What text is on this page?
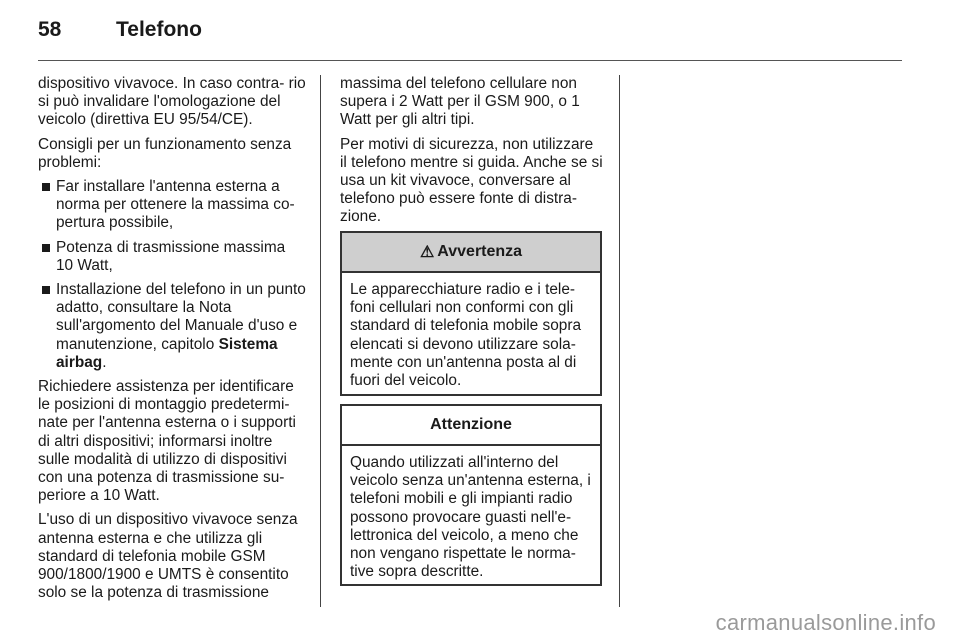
58	Telefono

dispositivo vivavoce. In caso contra- rio si può invalidare l'omologazione del veicolo (direttiva EU 95/54/CE).

Consigli per un funzionamento senza problemi:

Far installare l'antenna esterna a norma per ottenere la massima co- pertura possibile,
Potenza di trasmissione massima 10 Watt,
Installazione del telefono in un punto adatto, consultare la Nota sull'argomento del Manuale d'uso e manutenzione, capitolo Sistema airbag.

Richiedere assistenza per identificare le posizioni di montaggio predetermi- nate per l'antenna esterna o i supporti di altri dispositivi; informarsi inoltre sulle modalità di utilizzo di dispositivi con una potenza di trasmissione su- periore a 10 Watt.

L'uso di un dispositivo vivavoce senza antenna esterna e che utilizza gli standard di telefonia mobile GSM 900/1800/1900 e UMTS è consentito solo se la potenza di trasmissione

massima del telefono cellulare non supera i 2 Watt per il GSM 900, o 1 Watt per gli altri tipi.

Per motivi di sicurezza, non utilizzare il telefono mentre si guida. Anche se si usa un kit vivavoce, conversare al telefono può essere fonte di distra- zione.

⚠ Avvertenza
Le apparecchiature radio e i tele- foni cellulari non conformi con gli standard di telefonia mobile sopra elencati si devono utilizzare sola- mente con un'antenna posta al di fuori del veicolo.
Attenzione
Quando utilizzati all'interno del veicolo senza un'antenna esterna, i telefoni mobili e gli impianti radio possono provocare guasti nell'e- lettronica del veicolo, a meno che non vengano rispettate le norma- tive sopra descritte.
carmanualsonline.info
